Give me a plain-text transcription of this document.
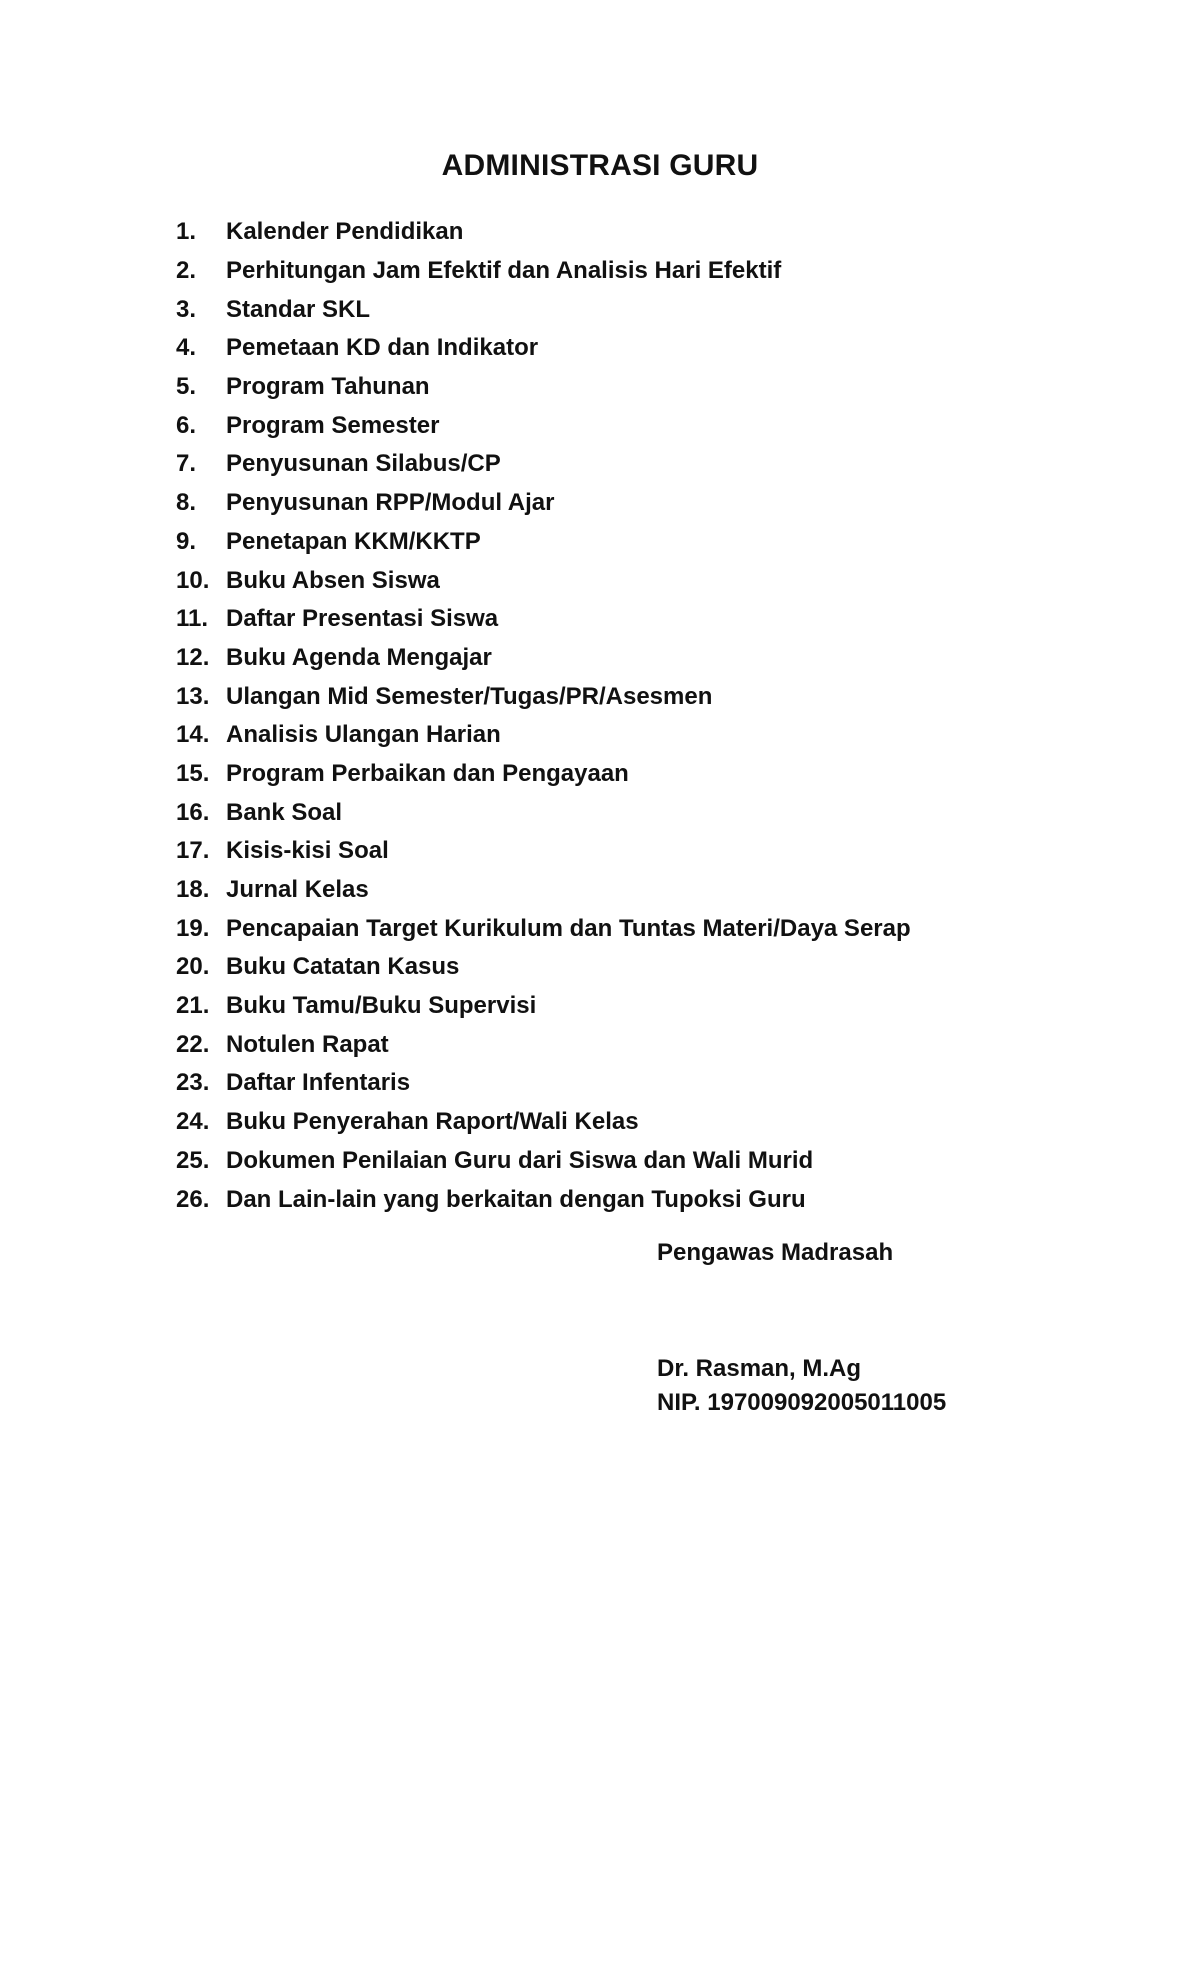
ADMINISTRASI GURU
1.	Kalender Pendidikan
2.	Perhitungan Jam Efektif dan Analisis Hari Efektif
3.	Standar SKL
4.	Pemetaan KD dan Indikator
5.	Program Tahunan
6.	Program Semester
7.	Penyusunan Silabus/CP
8.	Penyusunan RPP/Modul Ajar
9.	Penetapan KKM/KKTP
10. Buku Absen Siswa
11. Daftar Presentasi Siswa
12. Buku Agenda Mengajar
13. Ulangan Mid Semester/Tugas/PR/Asesmen
14. Analisis Ulangan Harian
15. Program Perbaikan dan Pengayaan
16. Bank Soal
17. Kisis-kisi Soal
18. Jurnal Kelas
19. Pencapaian Target Kurikulum dan Tuntas Materi/Daya Serap
20. Buku Catatan Kasus
21. Buku Tamu/Buku Supervisi
22. Notulen Rapat
23. Daftar Infentaris
24. Buku Penyerahan Raport/Wali Kelas
25. Dokumen Penilaian Guru dari Siswa dan Wali Murid
26. Dan Lain-lain yang berkaitan dengan Tupoksi Guru
Pengawas Madrasah
Dr. Rasman, M.Ag
NIP. 197009092005011005
